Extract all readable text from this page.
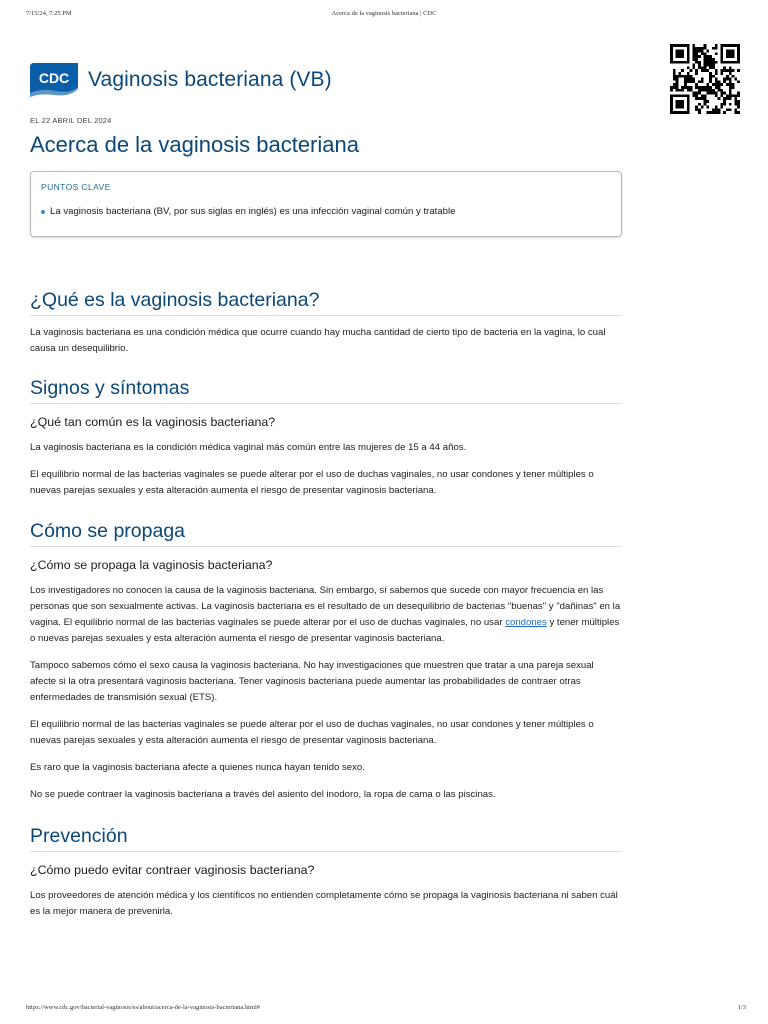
7/15/24, 7:25 PM	Acerca de la vaginosis bacteriana | CDC
CDC Vaginosis bacteriana (VB)
EL 22 ABRIL DEL 2024
Acerca de la vaginosis bacteriana
PUNTOS CLAVE
La vaginosis bacteriana (BV, por sus siglas en inglés) es una infección vaginal común y tratable
¿Qué es la vaginosis bacteriana?

La vaginosis bacteriana es una condición médica que ocurre cuando hay mucha cantidad de cierto tipo de bacteria en la vagina, lo cual causa un desequilibrio.

Signos y síntomas
¿Qué tan común es la vaginosis bacteriana?

La vaginosis bacteriana es la condición médica vaginal más común entre las mujeres de 15 a 44 años.

El equilibrio normal de las bacterias vaginales se puede alterar por el uso de duchas vaginales, no usar condones y tener múltiples o nuevas parejas sexuales y esta alteración aumenta el riesgo de presentar vaginosis bacteriana.

Cómo se propaga
¿Cómo se propaga la vaginosis bacteriana?

Los investigadores no conocen la causa de la vaginosis bacteriana. Sin embargo, sí sabemos que sucede con mayor frecuencia en las personas que son sexualmente activas. La vaginosis bacteriana es el resultado de un desequilibrio de bacterias "buenas" y "dañinas" en la vagina. El equilibrio normal de las bacterias vaginales se puede alterar por el uso de duchas vaginales, no usar condones y tener múltiples o nuevas parejas sexuales y esta alteración aumenta el riesgo de presentar vaginosis bacteriana.

Tampoco sabemos cómo el sexo causa la vaginosis bacteriana. No hay investigaciones que muestren que tratar a una pareja sexual afecte si la otra presentará vaginosis bacteriana. Tener vaginosis bacteriana puede aumentar las probabilidades de contraer otras enfermedades de transmisión sexual (ETS).

El equilibrio normal de las bacterias vaginales se puede alterar por el uso de duchas vaginales, no usar condones y tener múltiples o nuevas parejas sexuales y esta alteración aumenta el riesgo de presentar vaginosis bacteriana.

Es raro que la vaginosis bacteriana afecte a quienes nunca hayan tenido sexo.

No se puede contraer la vaginosis bacteriana a través del asiento del inodoro, la ropa de cama o las piscinas.

Prevención
¿Cómo puedo evitar contraer vaginosis bacteriana?

Los proveedores de atención médica y los científicos no entienden completamente cómo se propaga la vaginosis bacteriana ni saben cuál es la mejor manera de prevenirla.

https://www.cdc.gov/bacterial-vaginosis/es/about/acerca-de-la-vaginosis-bacteriana.html#	1/3
